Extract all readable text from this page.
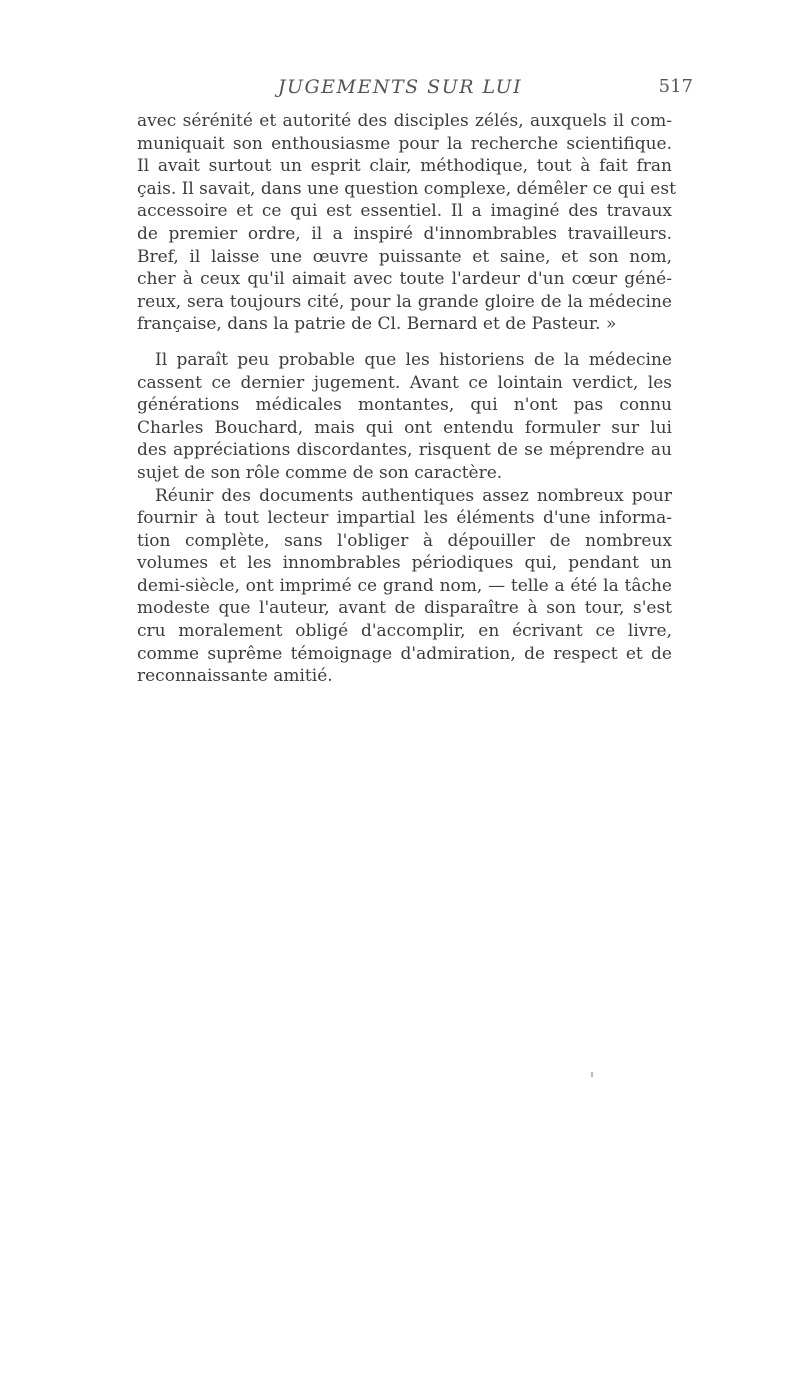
JUGEMENTS SUR LUI	517
avec sérénité et autorité des disciples zélés, auxquels il com-
muniquait son enthousiasme pour la recherche scientifique.
Il avait surtout un esprit clair, méthodique, tout à fait fran
çais. Il savait, dans une question complexe, démêler ce qui est
accessoire et ce qui est essentiel. Il a imaginé des travaux
de premier ordre, il a inspiré d'innombrables travailleurs.
Bref, il laisse une œuvre puissante et saine, et son nom,
cher à ceux qu'il aimait avec toute l'ardeur d'un cœur géné-
reux, sera toujours cité, pour la grande gloire de la médecine
française, dans la patrie de Cl. Bernard et de Pasteur. »
Il paraît peu probable que les historiens de la médecine
cassent ce dernier jugement. Avant ce lointain verdict, les
générations médicales montantes, qui n'ont pas connu
Charles Bouchard, mais qui ont entendu formuler sur lui
des appréciations discordantes, risquent de se méprendre au
sujet de son rôle comme de son caractère.
Réunir des documents authentiques assez nombreux pour
fournir à tout lecteur impartial les éléments d'une informa-
tion complète, sans l'obliger à dépouiller de nombreux
volumes et les innombrables périodiques qui, pendant un
demi-siècle, ont imprimé ce grand nom, — telle a été la tâche
modeste que l'auteur, avant de disparaître à son tour, s'est
cru moralement obligé d'accomplir, en écrivant ce livre,
comme suprême témoignage d'admiration, de respect et de
reconnaissante amitié.
